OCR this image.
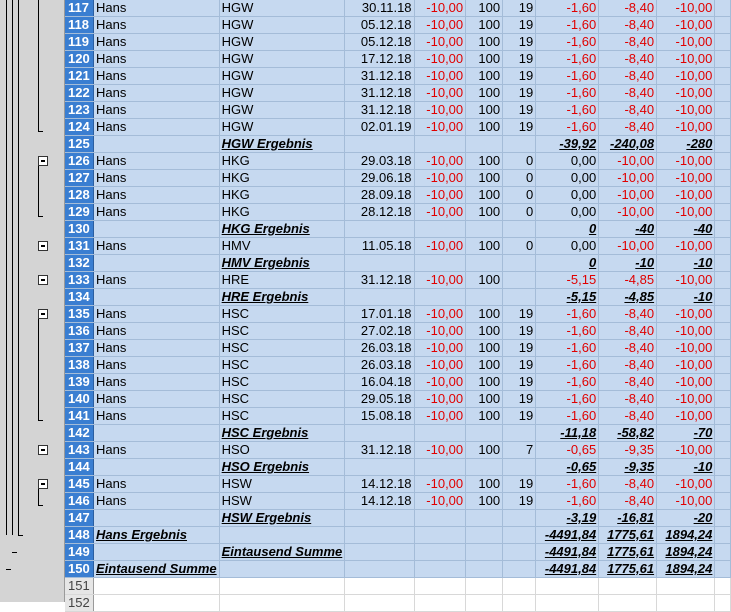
117	Hans	HGW	30.11.18	-10,00	100	19	-1,60	-8,40	-10,00	
118	Hans	HGW	05.12.18	-10,00	100	19	-1,60	-8,40	-10,00	
119	Hans	HGW	05.12.18	-10,00	100	19	-1,60	-8,40	-10,00	
120	Hans	HGW	17.12.18	-10,00	100	19	-1,60	-8,40	-10,00	
121	Hans	HGW	31.12.18	-10,00	100	19	-1,60	-8,40	-10,00	
122	Hans	HGW	31.12.18	-10,00	100	19	-1,60	-8,40	-10,00	
123	Hans	HGW	31.12.18	-10,00	100	19	-1,60	-8,40	-10,00	
124	Hans	HGW	02.01.19	-10,00	100	19	-1,60	-8,40	-10,00	
125		HGW Ergebnis					-39,92	-240,08	-280	
126	Hans	HKG	29.03.18	-10,00	100	0	0,00	-10,00	-10,00	
127	Hans	HKG	29.06.18	-10,00	100	0	0,00	-10,00	-10,00	
128	Hans	HKG	28.09.18	-10,00	100	0	0,00	-10,00	-10,00	
129	Hans	HKG	28.12.18	-10,00	100	0	0,00	-10,00	-10,00	
130		HKG Ergebnis					0	-40	-40	
131	Hans	HMV	11.05.18	-10,00	100	0	0,00	-10,00	-10,00	
132		HMV Ergebnis					0	-10	-10	
133	Hans	HRE	31.12.18	-10,00	100		-5,15	-4,85	-10,00	
134		HRE Ergebnis					-5,15	-4,85	-10	
135	Hans	HSC	17.01.18	-10,00	100	19	-1,60	-8,40	-10,00	
136	Hans	HSC	27.02.18	-10,00	100	19	-1,60	-8,40	-10,00	
137	Hans	HSC	26.03.18	-10,00	100	19	-1,60	-8,40	-10,00	
138	Hans	HSC	26.03.18	-10,00	100	19	-1,60	-8,40	-10,00	
139	Hans	HSC	16.04.18	-10,00	100	19	-1,60	-8,40	-10,00	
140	Hans	HSC	29.05.18	-10,00	100	19	-1,60	-8,40	-10,00	
141	Hans	HSC	15.08.18	-10,00	100	19	-1,60	-8,40	-10,00	
142		HSC Ergebnis					-11,18	-58,82	-70	
143	Hans	HSO	31.12.18	-10,00	100	7	-0,65	-9,35	-10,00	
144		HSO Ergebnis					-0,65	-9,35	-10	
145	Hans	HSW	14.12.18	-10,00	100	19	-1,60	-8,40	-10,00	
146	Hans	HSW	14.12.18	-10,00	100	19	-1,60	-8,40	-10,00	
147		HSW Ergebnis					-3,19	-16,81	-20	
148	Hans Ergebnis						-4491,84	1775,61	1894,24	
149		Eintausend Summe					-4491,84	1775,61	1894,24	
150	Eintausend Summe						-4491,84	1775,61	1894,24	
151										
152										
